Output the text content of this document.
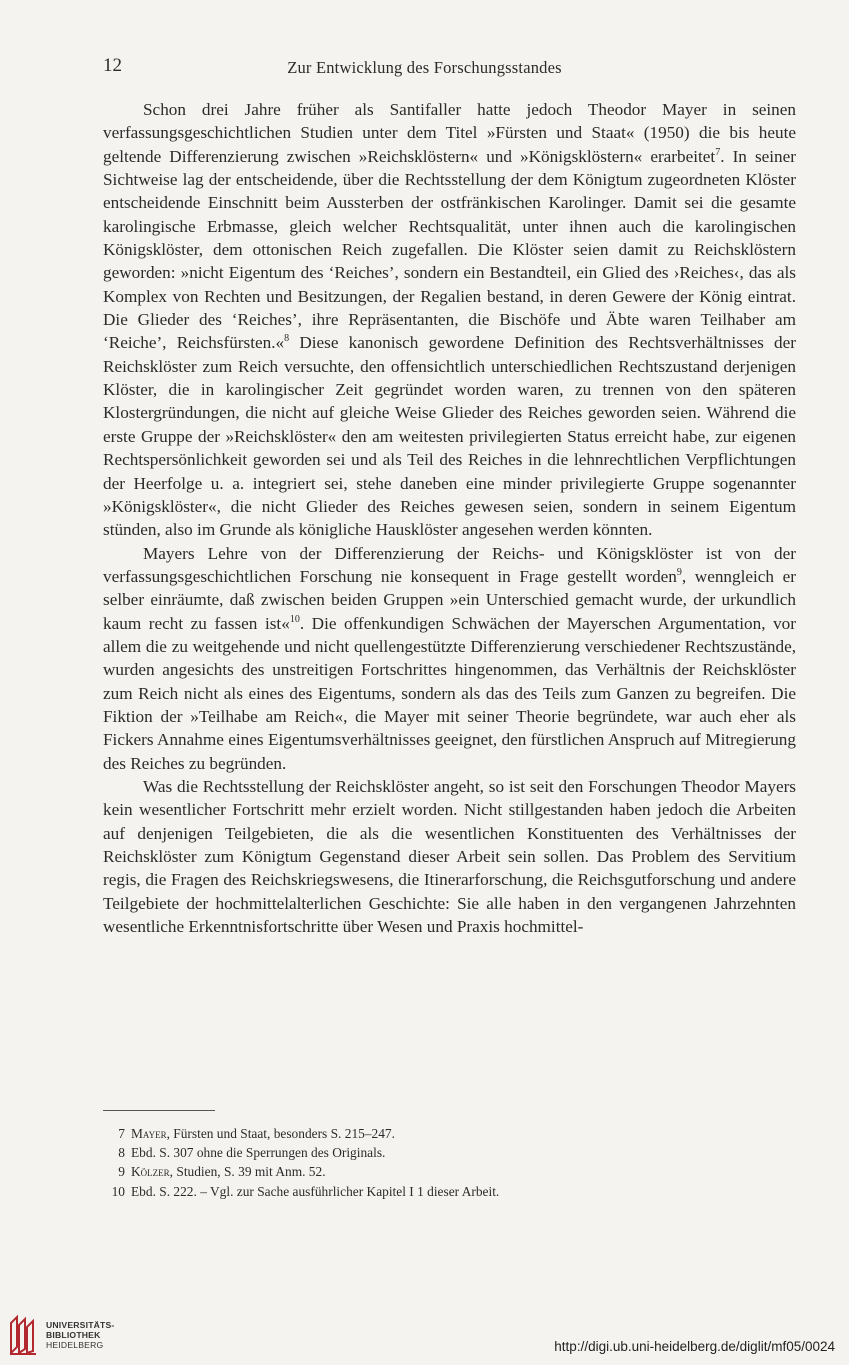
12	Zur Entwicklung des Forschungsstandes

Schon drei Jahre früher als Santifaller hatte jedoch Theodor Mayer in seinen verfassungsgeschichtlichen Studien unter dem Titel »Fürsten und Staat« (1950) die bis heute geltende Differenzierung zwischen »Reichsklöstern« und »Königsklöstern« erarbeitet$^7$. In seiner Sichtweise lag der entscheidende, über die Rechtsstellung der dem Königtum zugeordneten Klöster entscheidende Einschnitt beim Aussterben der ostfränkischen Karolinger. Damit sei die gesamte karolingische Erbmasse, gleich welcher Rechtsqualität, unter ihnen auch die karolingischen Königsklöster, dem ottonischen Reich zugefallen. Die Klöster seien damit zu Reichsklöstern geworden: »nicht Eigentum des ‘Reiches’, sondern ein Bestandteil, ein Glied des ›Reiches‹, das als Komplex von Rechten und Besitzungen, der Regalien bestand, in deren Gewere der König eintrat. Die Glieder des ‘Reiches’, ihre Repräsentanten, die Bischöfe und Äbte waren Teilhaber am ‘Reiche’, Reichsfürsten.«$^8$ Diese kanonisch gewordene Definition des Rechtsverhältnisses der Reichsklöster zum Reich versuchte, den offensichtlich unterschiedlichen Rechtszustand derjenigen Klöster, die in karolingischer Zeit gegründet worden waren, zu trennen von den späteren Klostergründungen, die nicht auf gleiche Weise Glieder des Reiches geworden seien. Während die erste Gruppe der »Reichsklöster« den am weitesten privilegierten Status erreicht habe, zur eigenen Rechtspersönlichkeit geworden sei und als Teil des Reiches in die lehnrechtlichen Verpflichtungen der Heerfolge u. a. integriert sei, stehe daneben eine minder privilegierte Gruppe sogenannter »Königsklöster«, die nicht Glieder des Reiches gewesen seien, sondern in seinem Eigentum stünden, also im Grunde als königliche Hausklöster angesehen werden könnten.

Mayers Lehre von der Differenzierung der Reichs- und Königsklöster ist von der verfassungsgeschichtlichen Forschung nie konsequent in Frage gestellt worden$^9$, wenngleich er selber einräumte, daß zwischen beiden Gruppen »ein Unterschied gemacht wurde, der urkundlich kaum recht zu fassen ist«$^{10}$. Die offenkundigen Schwächen der Mayerschen Argumentation, vor allem die zu weitgehende und nicht quellengestützte Differenzierung verschiedener Rechtszustände, wurden angesichts des unstreitigen Fortschrittes hingenommen, das Verhältnis der Reichsklöster zum Reich nicht als eines des Eigentums, sondern als das des Teils zum Ganzen zu begreifen. Die Fiktion der »Teilhabe am Reich«, die Mayer mit seiner Theorie begründete, war auch eher als Fickers Annahme eines Eigentumsverhältnisses geeignet, den fürstlichen Anspruch auf Mitregierung des Reiches zu begründen.

Was die Rechtsstellung der Reichsklöster angeht, so ist seit den Forschungen Theodor Mayers kein wesentlicher Fortschritt mehr erzielt worden. Nicht stillgestanden haben jedoch die Arbeiten auf denjenigen Teilgebieten, die als die wesentlichen Konstituenten des Verhältnisses der Reichsklöster zum Königtum Gegenstand dieser Arbeit sein sollen. Das Problem des Servitium regis, die Fragen des Reichskriegswesens, die Itinerarforschung, die Reichsgutforschung und andere Teilgebiete der hochmittelalterlichen Geschichte: Sie alle haben in den vergangenen Jahrzehnten wesentliche Erkenntnisfortschritte über Wesen und Praxis hochmittel-

7 Mayer, Fürsten und Staat, besonders S. 215–247.
8 Ebd. S. 307 ohne die Sperrungen des Originals.
9 Kölzer, Studien, S. 39 mit Anm. 52.
10 Ebd. S. 222. – Vgl. zur Sache ausführlicher Kapitel I 1 dieser Arbeit.
UNIVERSITÄTS-
BIBLIOTHEK
HEIDELBERG	http://digi.ub.uni-heidelberg.de/diglit/mf05/0024
